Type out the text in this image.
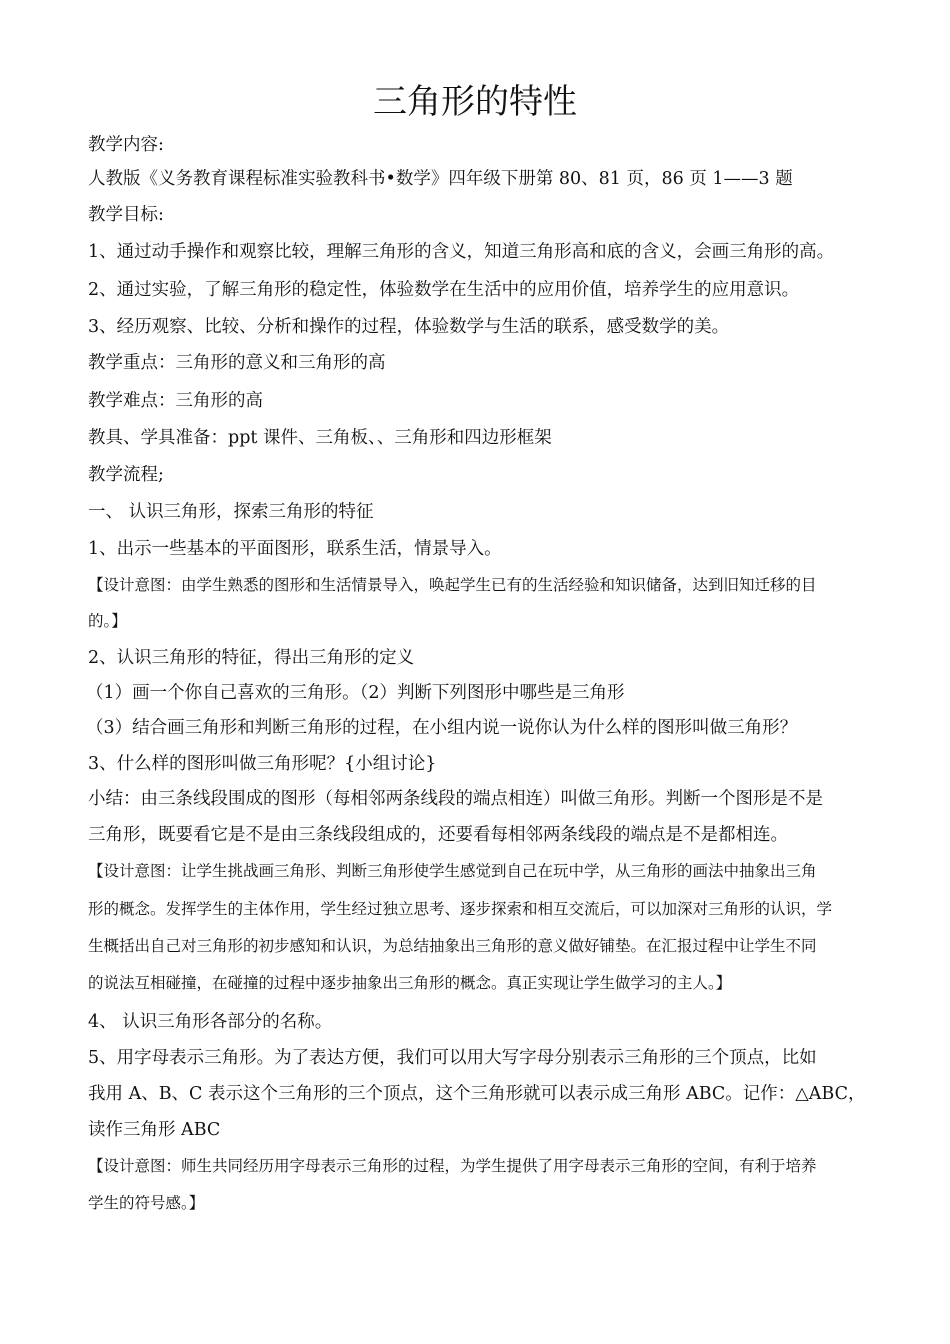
三角形的特性
教学内容:
人教版《义务教育课程标准实验教科书•数学》四年级下册第 80、81 页，86 页 1——3 题
教学目标:
1、通过动手操作和观察比较，理解三角形的含义，知道三角形高和底的含义，会画三角形的高。
2、通过实验，了解三角形的稳定性，体验数学在生活中的应用价值，培养学生的应用意识。
3、经历观察、比较、分析和操作的过程，体验数学与生活的联系，感受数学的美。
教学重点：三角形的意义和三角形的高
教学难点：三角形的高
教具、学具准备：ppt 课件、三角板、、三角形和四边形框架
教学流程;
一、 认识三角形，探索三角形的特征
1、出示一些基本的平面图形，联系生活，情景导入。
【设计意图：由学生熟悉的图形和生活情景导入，唤起学生已有的生活经验和知识储备，达到旧知迁移的目
的。】
2、认识三角形的特征，得出三角形的定义
（1）画一个你自己喜欢的三角形。（2）判断下列图形中哪些是三角形
（3）结合画三角形和判断三角形的过程，在小组内说一说你认为什么样的图形叫做三角形？
3、什么样的图形叫做三角形呢？{小组讨论}
小结：由三条线段围成的图形（每相邻两条线段的端点相连）叫做三角形。判断一个图形是不是
三角形，既要看它是不是由三条线段组成的，还要看每相邻两条线段的端点是不是都相连。
【设计意图：让学生挑战画三角形、判断三角形使学生感觉到自己在玩中学，从三角形的画法中抽象出三角
形的概念。发挥学生的主体作用，学生经过独立思考、逐步探索和相互交流后，可以加深对三角形的认识，学
生概括出自己对三角形的初步感知和认识，为总结抽象出三角形的意义做好铺垫。在汇报过程中让学生不同
的说法互相碰撞，在碰撞的过程中逐步抽象出三角形的概念。真正实现让学生做学习的主人。】
4、 认识三角形各部分的名称。
5、用字母表示三角形。为了表达方便，我们可以用大写字母分别表示三角形的三个顶点，比如
我用 A、B、C 表示这个三角形的三个顶点，这个三角形就可以表示成三角形 ABC。记作：△ABC，
读作三角形 ABC
【设计意图：师生共同经历用字母表示三角形的过程，为学生提供了用字母表示三角形的空间，有利于培养
学生的符号感。】
